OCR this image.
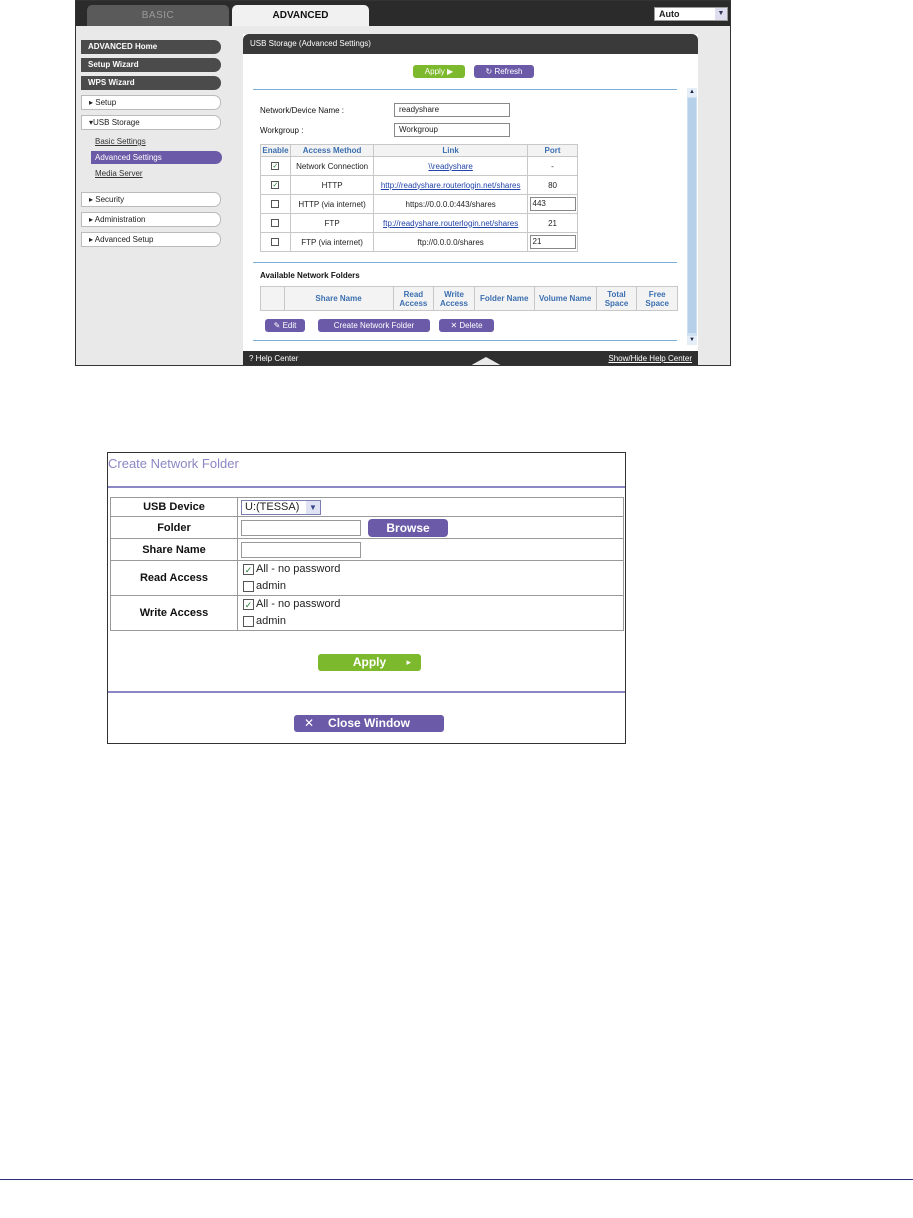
BASIC	ADVANCED	Auto	▼
ADVANCED Home
Setup Wizard
WPS Wizard
▸ Setup
▾USB Storage
Basic Settings
Advanced Settings
Media Server
▸ Security
▸ Administration
▸ Advanced Setup
USB Storage (Advanced Settings)
Apply ▶	↻ Refresh
Network/Device Name :	readyshare
Workgroup :	Workgroup
Enable	Access Method	Link	Port
✓	Network Connection	\\readyshare	-
✓	HTTP	http://readyshare.routerlogin.net/shares	80
	HTTP (via internet)	https://0.0.0.0:443/shares	443
	FTP	ftp://readyshare.routerlogin.net/shares	21
	FTP (via internet)	ftp://0.0.0.0/shares	21
Available Network Folders
	Share Name	Read Access	Write Access	Folder Name	Volume Name	Total Space	Free Space
✎ Edit	Create Network Folder	✕ Delete
▲
▼
? Help Center	Show/Hide Help Center
Create Network Folder
USB Device	U:(TESSA) ▼

Folder	Browse
Share Name	
Read Access	✓ All - no password
admin

Write Access	✓ All - no password
admin
Apply ▸
✕ Close Window
